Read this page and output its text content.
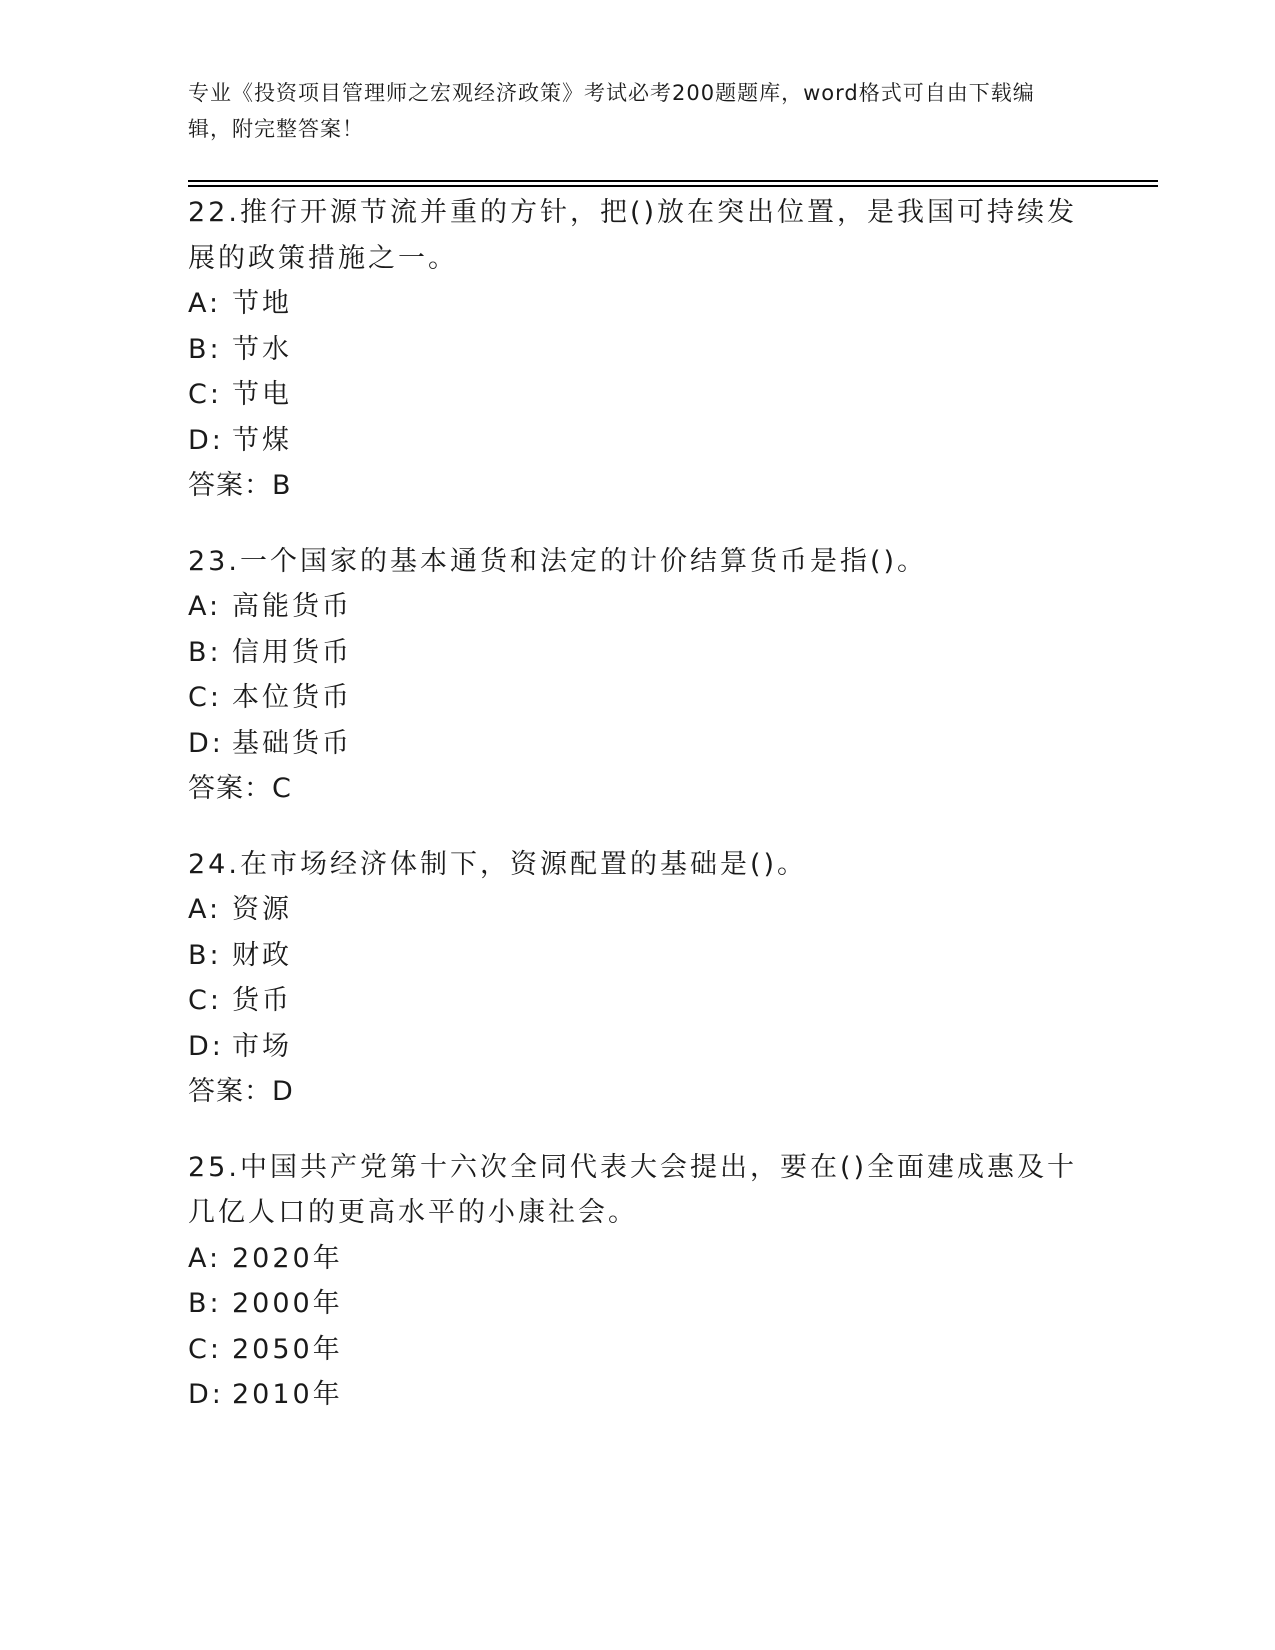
专业《投资项目管理师之宏观经济政策》考试必考200题题库，word格式可自由下载编辑，附完整答案！
22.推行开源节流并重的方针，把()放在突出位置，是我国可持续发展的政策措施之一。
A: 节地
B: 节水
C: 节电
D: 节煤
答案：B
23.一个国家的基本通货和法定的计价结算货币是指()。
A: 高能货币
B: 信用货币
C: 本位货币
D: 基础货币
答案：C
24.在市场经济体制下，资源配置的基础是()。
A: 资源
B: 财政
C: 货币
D: 市场
答案：D
25.中国共产党第十六次全同代表大会提出，要在()全面建成惠及十几亿人口的更高水平的小康社会。
A: 2020年
B: 2000年
C: 2050年
D: 2010年
